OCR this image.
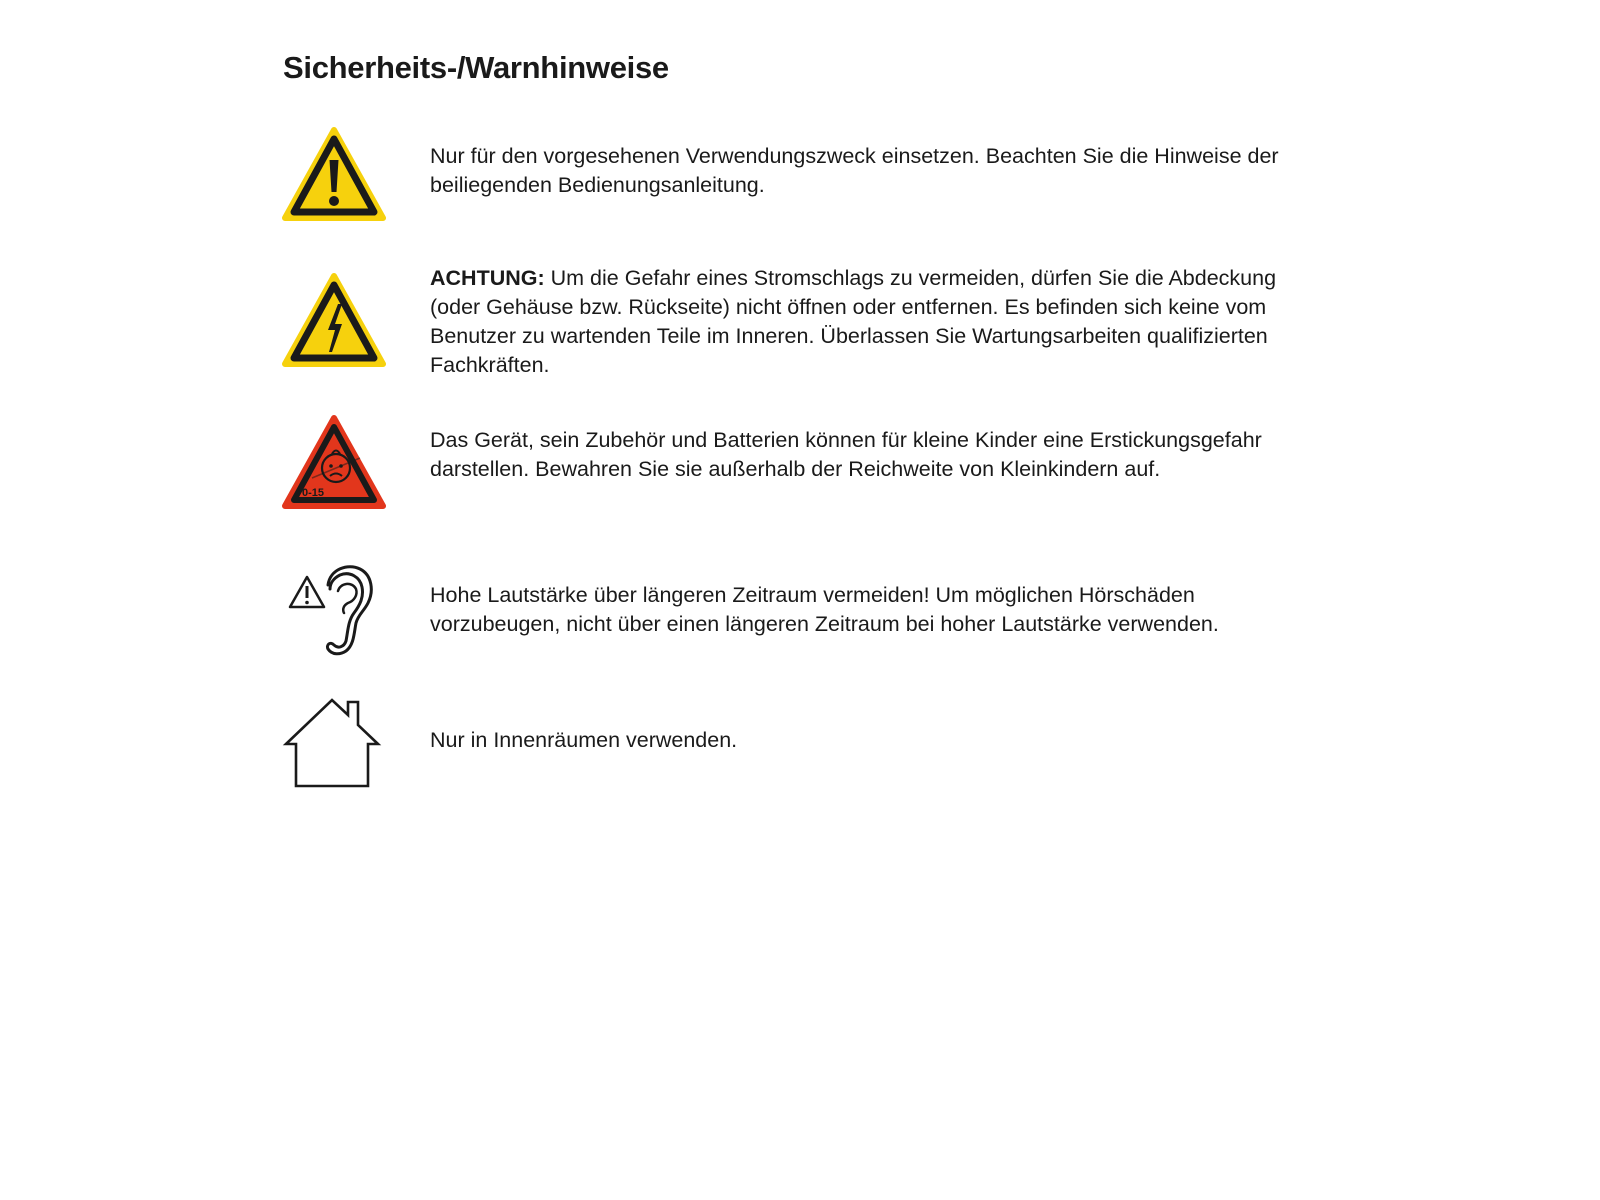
Sicherheits-/Warnhinweise

Nur für den vorgesehenen Verwendungszweck einsetzen. Beachten Sie die Hinweise der beiliegenden Bedienungsanleitung.

ACHTUNG: Um die Gefahr eines Stromschlags zu vermeiden, dürfen Sie die Abdeckung (oder Gehäuse bzw. Rückseite) nicht öffnen oder entfernen. Es befinden sich keine vom Benutzer zu wartenden Teile im Inneren. Überlassen Sie Wartungsarbeiten qualifizierten Fachkräften.

0-15

Das Gerät, sein Zubehör und Batterien können für kleine Kinder eine Erstickungsgefahr darstellen. Bewahren Sie sie außerhalb der Reichweite von Kleinkindern auf.

Hohe Lautstärke über längeren Zeitraum vermeiden! Um möglichen Hörschäden vorzubeugen, nicht über einen längeren Zeitraum bei hoher Lautstärke verwenden.

Nur in Innenräumen verwenden.
